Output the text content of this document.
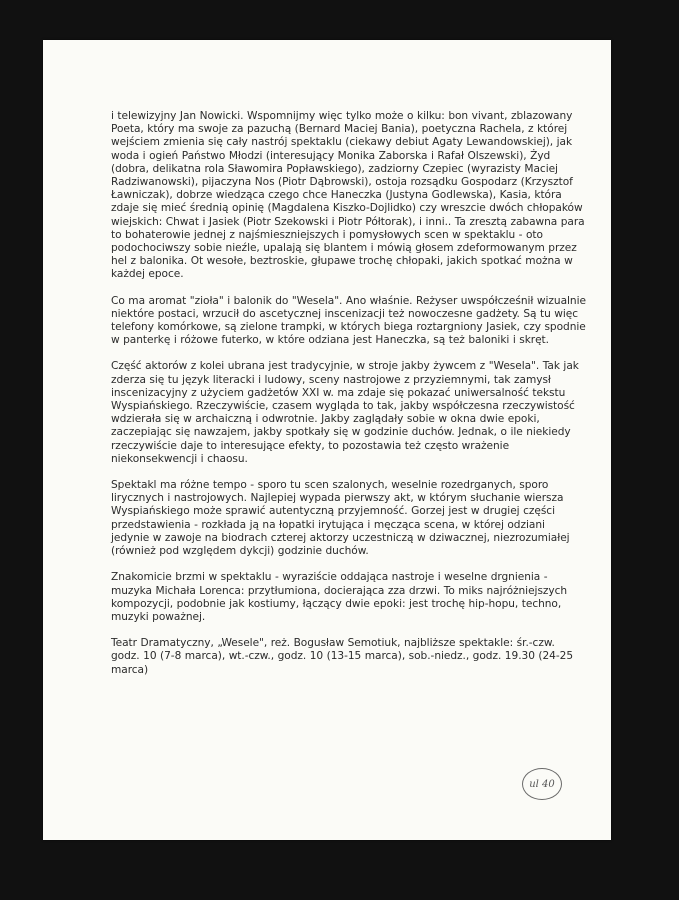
i telewizyjny Jan Nowicki. Wspomnijmy więc tylko może o kilku: bon vivant, zblazowany Poeta, który ma swoje za pazuchą (Bernard Maciej Bania), poetyczna Rachela, z której wejściem zmienia się cały nastrój spektaklu (ciekawy debiut Agaty Lewandowskiej), jak woda i ogień Państwo Młodzi (interesujący Monika Zaborska i Rafał Olszewski), Żyd (dobra, delikatna rola Sławomira Popławskiego), zadziorny Czepiec (wyrazisty Maciej Radziwanowski), pijaczyna Nos (Piotr Dąbrowski), ostoja rozsądku Gospodarz (Krzysztof Ławniczak), dobrze wiedząca czego chce Haneczka (Justyna Godlewska), Kasia, która zdaje się mieć średnią opinię (Magdalena Kiszko-Dojlidko) czy wreszcie dwóch chłopaków wiejskich: Chwat i Jasiek (Piotr Szekowski i Piotr Półtorak), i inni.. Ta zresztą zabawna para to bohaterowie jednej z najśmieszniejszych i pomysłowych scen w spektaklu - oto podochociwszy sobie nieźle, upalają się blantem i mówią głosem zdeformowanym przez hel z balonika. Ot wesołe, beztroskie, głupawe trochę chłopaki, jakich spotkać można w każdej epoce.

Co ma aromat "zioła" i balonik do "Wesela". Ano właśnie. Reżyser uwspółcześnił wizualnie niektóre postaci, wrzucił do ascetycznej inscenizacji też nowoczesne gadżety. Są tu więc telefony komórkowe, są zielone trampki, w których biega roztargniony Jasiek, czy spodnie w panterkę i różowe futerko, w które odziana jest Haneczka, są też baloniki i skręt.

Część aktorów z kolei ubrana jest tradycyjnie, w stroje jakby żywcem z "Wesela". Tak jak zderza się tu język literacki i ludowy, sceny nastrojowe z przyziemnymi, tak zamysł inscenizacyjny z użyciem gadżetów XXI w. ma zdaje się pokazać uniwersalność tekstu Wyspiańskiego. Rzeczywiście, czasem wygląda to tak, jakby współczesna rzeczywistość wdzierała się w archaiczną i odwrotnie. Jakby zaglądały sobie w okna dwie epoki, zaczepiając się nawzajem, jakby spotkały się w godzinie duchów. Jednak, o ile niekiedy rzeczywiście daje to interesujące efekty, to pozostawia też często wrażenie niekonsekwencji i chaosu.

Spektakl ma różne tempo - sporo tu scen szalonych, weselnie rozedrganych, sporo lirycznych i nastrojowych. Najlepiej wypada pierwszy akt, w którym słuchanie wiersza Wyspiańskiego może sprawić autentyczną przyjemność. Gorzej jest w drugiej części przedstawienia - rozkłada ją na łopatki irytująca i męcząca scena, w której odziani jedynie w zawoje na biodrach czterej aktorzy uczestniczą w dziwacznej, niezrozumiałej (również pod względem dykcji) godzinie duchów.

Znakomicie brzmi w spektaklu - wyraziście oddająca nastroje i weselne drgnienia - muzyka Michała Lorenca: przytłumiona, docierająca zza drzwi. To miks najróżniejszych kompozycji, podobnie jak kostiumy, łączący dwie epoki: jest trochę hip-hopu, techno, muzyki poważnej.

Teatr Dramatyczny, „Wesele", reż. Bogusław Semotiuk, najbliższe spektakle: śr.-czw. godz. 10 (7-8 marca), wt.-czw., godz. 10 (13-15 marca), sob.-niedz., godz. 19.30 (24-25 marca)

ul 40
